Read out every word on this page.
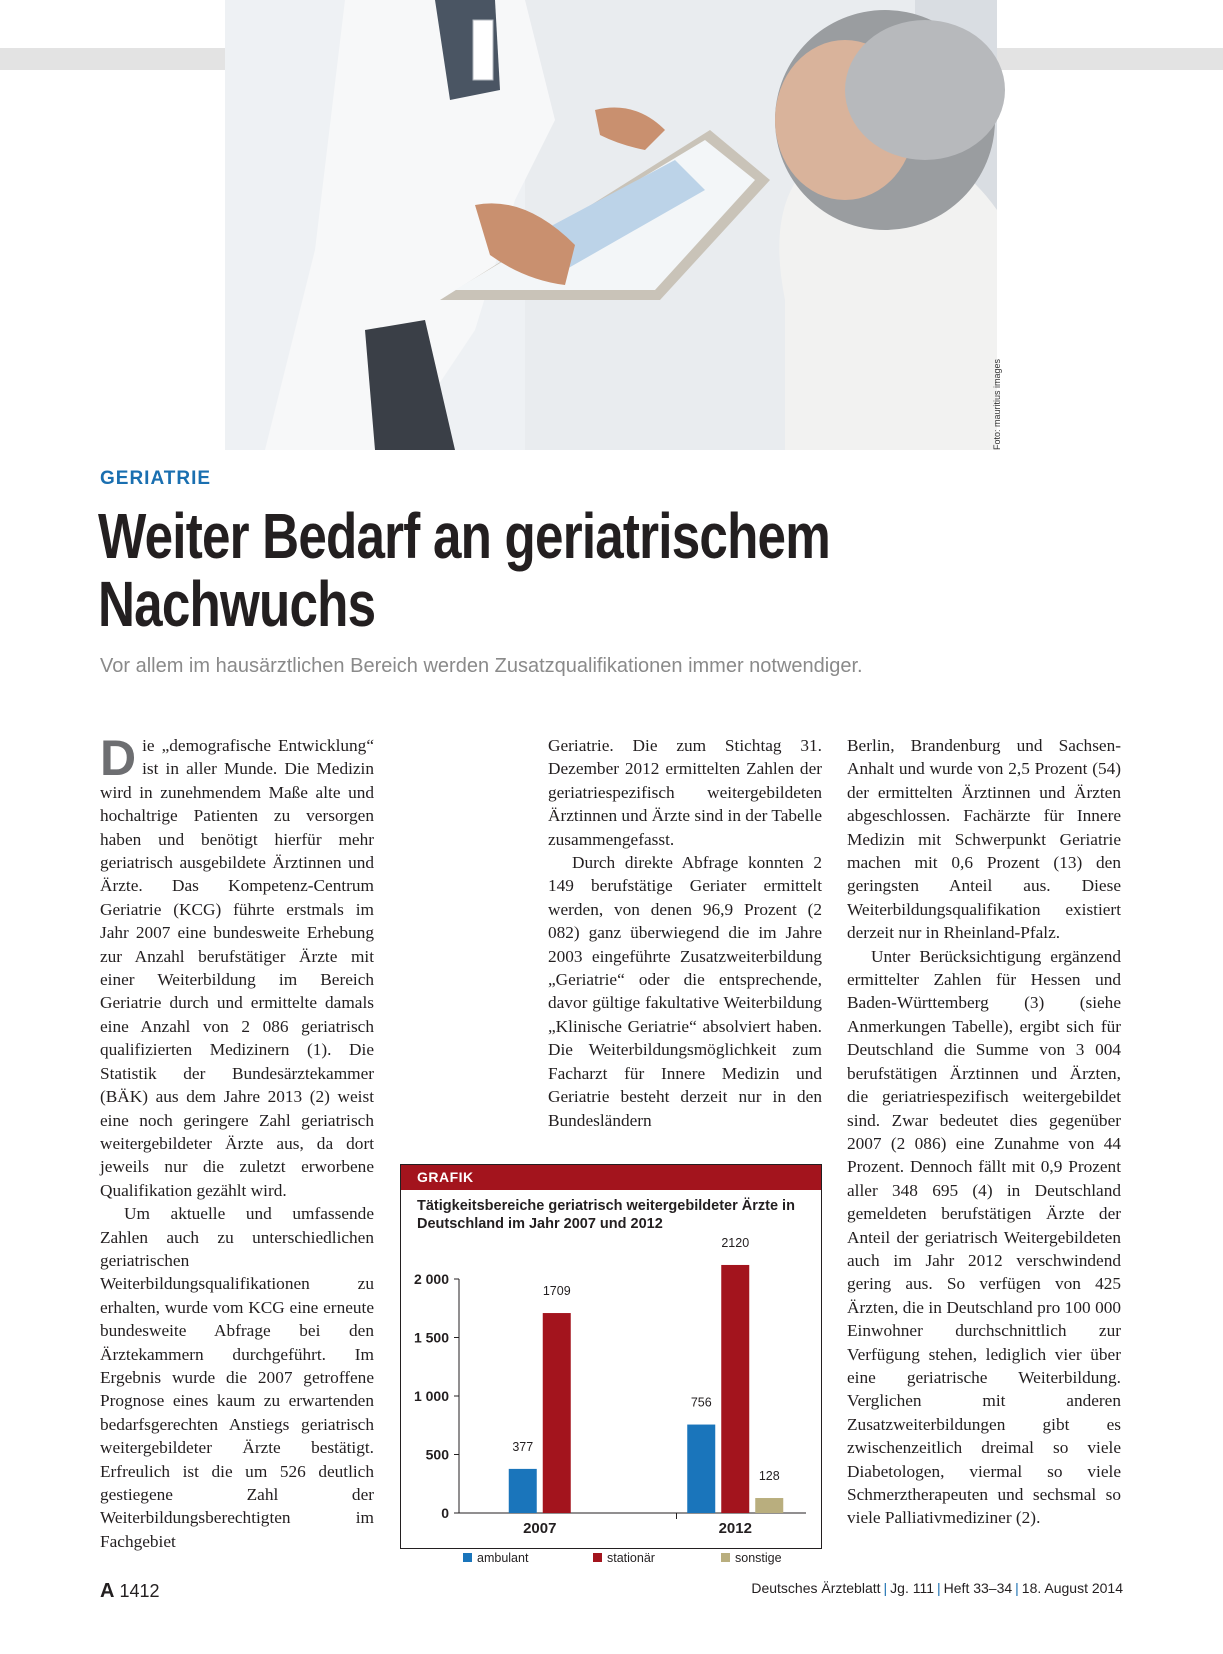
Foto: mauritius images
GERIATRIE
Weiter Bedarf an geriatrischem Nachwuchs
Vor allem im hausärztlichen Bereich werden Zusatzqualifikationen immer notwendiger.

Die „demografische Entwicklung“ ist in aller Munde. Die Medizin wird in zunehmendem Maße alte und hochaltrige Patienten zu versorgen haben und benötigt hierfür mehr geriatrisch ausgebildete Ärztinnen und Ärzte. Das Kompetenz-Centrum Geriatrie (KCG) führte erstmals im Jahr 2007 eine bundesweite Erhebung zur Anzahl berufstätiger Ärzte mit einer Weiterbildung im Bereich Geriatrie durch und ermittelte damals eine Anzahl von 2 086 geriatrisch qualifizierten Medizinern (1). Die Statistik der Bundesärztekammer (BÄK) aus dem Jahre 2013 (2) weist eine noch geringere Zahl geriatrisch weitergebildeter Ärzte aus, da dort jeweils nur die zuletzt erworbene Qualifikation gezählt wird.

Um aktuelle und umfassende Zahlen auch zu unterschiedlichen geriatrischen Weiterbildungsqualifikationen zu erhalten, wurde vom KCG eine erneute bundesweite Abfrage bei den Ärztekammern durchgeführt. Im Ergebnis wurde die 2007 getroffene Prognose eines kaum zu erwartenden bedarfsgerechten Anstiegs geriatrisch weitergebildeter Ärzte bestätigt. Erfreulich ist die um 526 deutlich gestiegene Zahl der Weiterbildungsberechtigten im Fachgebiet

Geriatrie. Die zum Stichtag 31. Dezember 2012 ermittelten Zahlen der geriatriespezifisch weitergebildeten Ärztinnen und Ärzte sind in der Tabelle zusammengefasst.

Durch direkte Abfrage konnten 2 149 berufstätige Geriater ermittelt werden, von denen 96,9 Prozent (2 082) ganz überwiegend die im Jahre 2003 eingeführte Zusatzweiterbildung „Geriatrie“ oder die entsprechende, davor gültige fakultative Weiterbildung „Klinische Geriatrie“ absolviert haben. Die Weiterbildungsmöglichkeit zum Facharzt für Innere Medizin und Geriatrie besteht derzeit nur in den Bundesländern

Berlin, Brandenburg und Sachsen-Anhalt und wurde von 2,5 Prozent (54) der ermittelten Ärztinnen und Ärzten abgeschlossen. Fachärzte für Innere Medizin mit Schwerpunkt Geriatrie machen mit 0,6 Prozent (13) den geringsten Anteil aus. Diese Weiterbildungsqualifikation existiert derzeit nur in Rheinland-Pfalz.

Unter Berücksichtigung ergänzend ermittelter Zahlen für Hessen und Baden-Württemberg (3) (siehe Anmerkungen Tabelle), ergibt sich für Deutschland die Summe von 3 004 berufstätigen Ärztinnen und Ärzten, die geriatriespezifisch weitergebildet sind. Zwar bedeutet dies gegenüber 2007 (2 086) eine Zunahme von 44 Prozent. Dennoch fällt mit 0,9 Prozent aller 348 695 (4) in Deutschland gemeldeten berufstätigen Ärzte der Anteil der geriatrisch Weitergebildeten auch im Jahr 2012 verschwindend gering aus. So verfügen von 425 Ärzten, die in Deutschland pro 100 000 Einwohner durchschnittlich zur Verfügung stehen, lediglich vier über eine geriatrische Weiterbildung. Verglichen mit anderen Zusatzweiterbildungen gibt es zwischenzeitlich dreimal so viele Diabetologen, viermal so viele Schmerztherapeuten und sechsmal so viele Palliativmediziner (2).

GRAFIK
Tätigkeitsbereiche geriatrisch weitergebildeter Ärzte in Deutschland im Jahr 2007 und 2012
0
500
1 000
1 500
2 000
377
1709
2007
756
2120
128
2012
ambulant	stationär	sonstige
A 1412	Deutsches Ärzteblatt | Jg. 111 | Heft 33–34 | 18. August 2014
